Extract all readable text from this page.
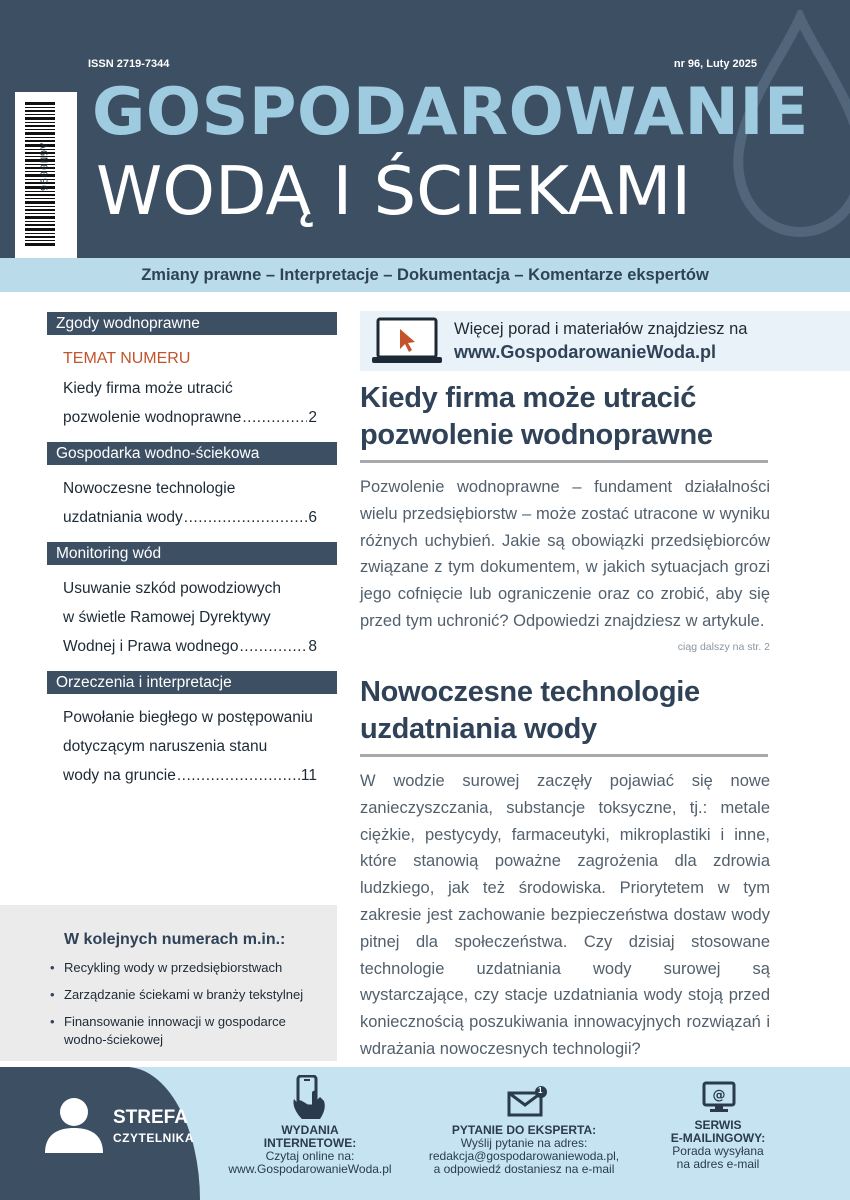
ISSN 2719-7344	nr 96, Luty 2025
AGN0096
GOSPODAROWANIE
WODĄ I ŚCIEKAMI
Zmiany prawne – Interpretacje – Dokumentacja – Komentarze ekspertów
Zgody wodnoprawne
TEMAT NUMERU
Kiedy firma może utracić
pozwolenie wodnoprawne .....	2
Gospodarka wodno-ściekowa
Nowoczesne technologie
uzdatniania wody .....	6
Monitoring wód
Usuwanie szkód powodziowych
w świetle Ramowej Dyrektywy
Wodnej i Prawa wodnego .....	8
Orzeczenia i interpretacje
Powołanie biegłego w postępowaniu
dotyczącym naruszenia stanu
wody na gruncie .....	11
W kolejnych numerach m.in.:
• Recykling wody w przedsiębiorstwach
• Zarządzanie ściekami w branży tekstylnej
• Finansowanie innowacji w gospodarce wodno-ściekowej
Więcej porad i materiałów znajdziesz na
www.GospodarowanieWoda.pl
Kiedy firma może utracić pozwolenie wodnoprawne
Pozwolenie wodnoprawne – fundament działalności wielu przedsiębiorstw – może zostać utracone w wyniku różnych uchybień. Jakie są obowiązki przedsiębiorców związane z tym dokumentem, w jakich sytuacjach grozi jego cofnięcie lub ograniczenie oraz co zrobić, aby się przed tym uchronić? Odpowiedzi znajdziesz w artykule.
ciąg dalszy na str. 2
Nowoczesne technologie uzdatniania wody
W wodzie surowej zaczęły pojawiać się nowe zanieczyszczania, substancje toksyczne, tj.: metale ciężkie, pestycydy, farmaceutyki, mikroplastiki i inne, które stanowią poważne zagrożenia dla zdrowia ludzkiego, jak też środowiska. Priorytetem w tym zakresie jest zachowanie bezpieczeństwa dostaw wody pitnej dla społeczeństwa. Czy dzisiaj stosowane technologie uzdatniania wody surowej są wystarczające, czy stacje uzdatniania wody stoją przed koniecznością poszukiwania innowacyjnych rozwiązań i wdrażania nowoczesnych technologii?
STREFA
CZYTELNIKA
WYDANIA
INTERNETOWE:
Czytaj online na:
www.GospodarowanieWoda.pl
1
PYTANIE DO EKSPERTA:
Wyślij pytanie na adres:
redakcja@gospodarowaniewoda.pl,
a odpowiedź dostaniesz na e-mail
@
SERWIS
E-MAILINGOWY:
Porada wysyłana
na adres e-mail
